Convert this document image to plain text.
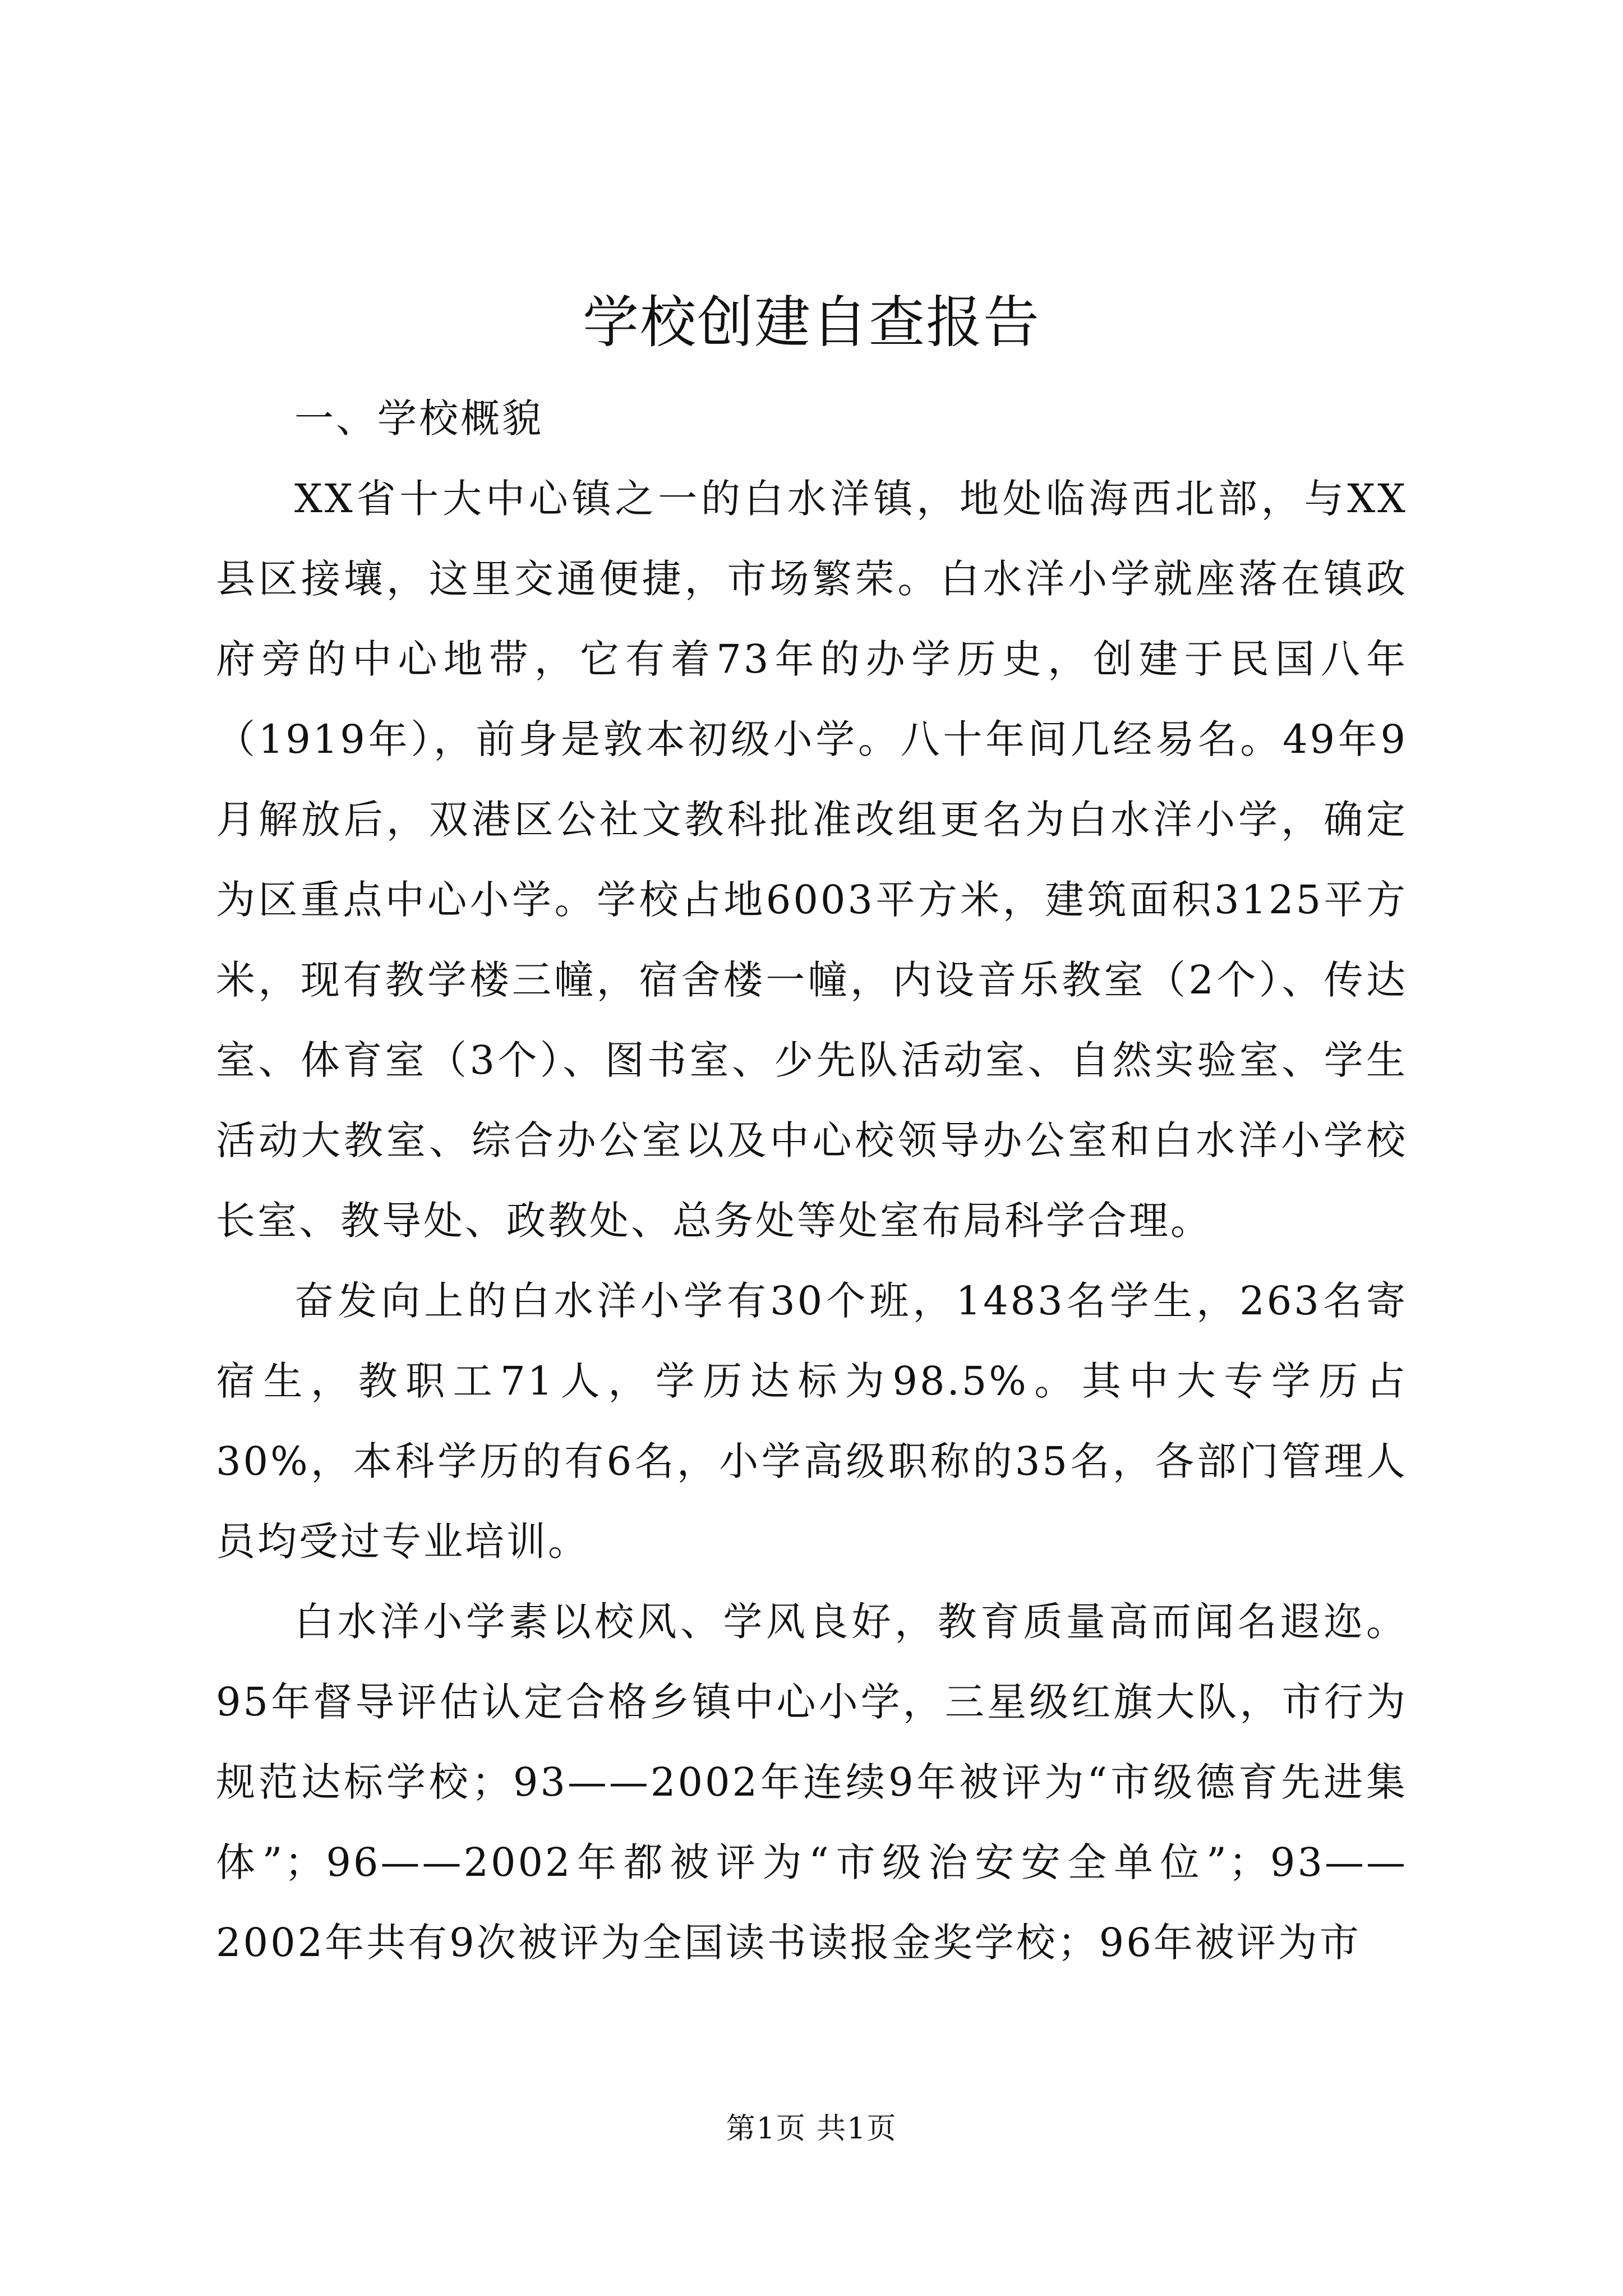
学校创建自查报告
一、学校概貌

XX省十大中心镇之一的白水洋镇，地处临海西北部，与XX县区接壤，这里交通便捷，市场繁荣。白水洋小学就座落在镇政府旁的中心地带，它有着73年的办学历史，创建于民国八年（1919年），前身是敦本初级小学。八十年间几经易名。49年9月解放后，双港区公社文教科批准改组更名为白水洋小学，确定为区重点中心小学。学校占地6003平方米，建筑面积3125平方米，现有教学楼三幢，宿舍楼一幢，内设音乐教室（2个）、传达室、体育室（3个）、图书室、少先队活动室、自然实验室、学生活动大教室、综合办公室以及中心校领导办公室和白水洋小学校长室、教导处、政教处、总务处等处室布局科学合理。

奋发向上的白水洋小学有30个班，1483名学生，263名寄宿生，教职工71人，学历达标为98.5%。其中大专学历占30%，本科学历的有6名，小学高级职称的35名，各部门管理人员均受过专业培训。

白水洋小学素以校风、学风良好，教育质量高而闻名遐迩。95年督导评估认定合格乡镇中心小学，三星级红旗大队，市行为规范达标学校；93——2002年连续9年被评为“市级德育先进集体”；96——2002年都被评为“市级治安安全单位”；93——2002年共有9次被评为全国读书读报金奖学校；96年被评为市

第1页 共1页
